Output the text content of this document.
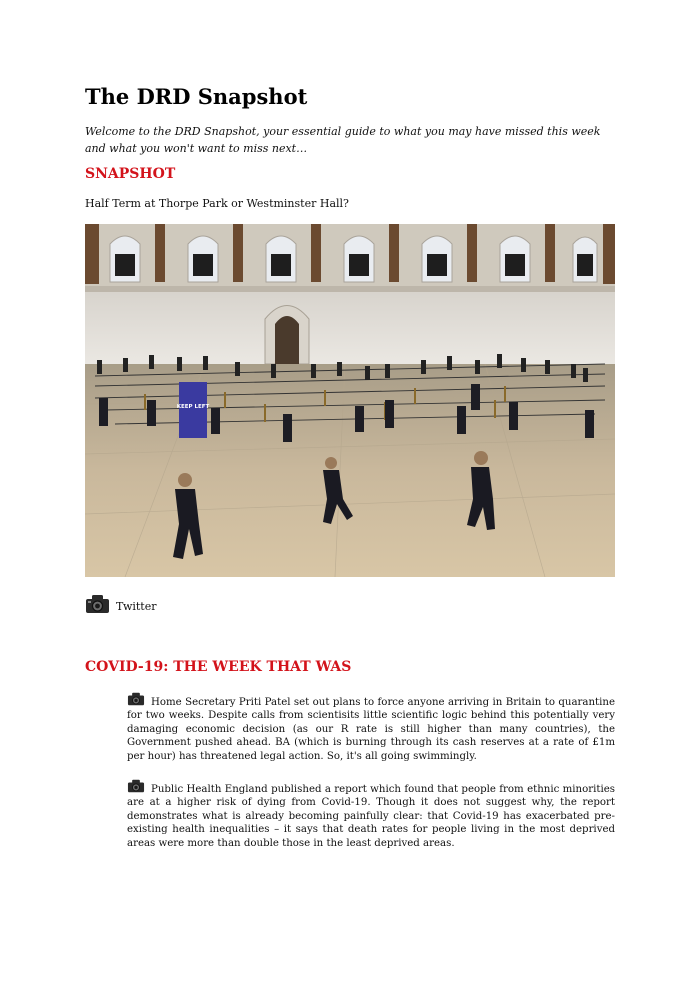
The DRD Snapshot

Welcome to the DRD Snapshot, your essential guide to what you may have missed this week and what you won't want to miss next…

SNAPSHOT

Half Term at Thorpe Park or Westminster Hall?

KEEP LEFT
Twitter
COVID-19: THE WEEK THAT WAS

Home Secretary Priti Patel set out plans to force anyone arriving in Britain to quarantine for two weeks. Despite calls from scientisits little scientific logic behind this potentially very damaging economic decision (as our R rate is still higher than many countries), the Government pushed ahead. BA (which is burning through its cash reserves at a rate of £1m per hour) has threatened legal action. So, it's all going swimmingly.

Public Health England published a report which found that people from ethnic minorities are at a higher risk of dying from Covid-19. Though it does not suggest why, the report demonstrates what is already becoming painfully clear: that Covid-19 has exacerbated pre-existing health inequalities – it says that death rates for people living in the most deprived areas were more than double those in the least deprived areas.
